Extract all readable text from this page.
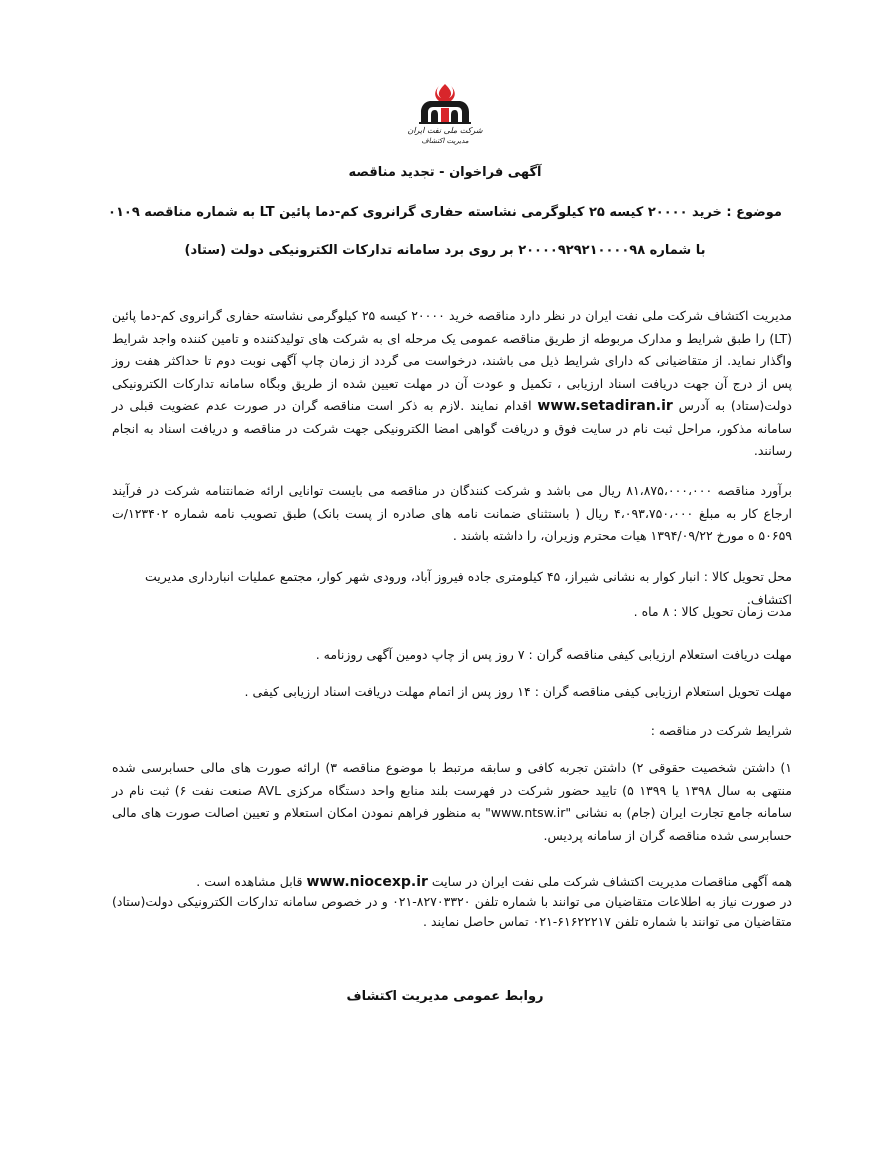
شرکت ملی نفت ایران
مدیریت اکتشاف
آگهی فراخوان - تجدید مناقصه
موضوع : خرید ۲۰۰۰۰ کیسه ۲۵ کیلوگرمی نشاسته حفاری گرانروی کم-دما پائین LT به شماره مناقصه ۰۱۰۹
با شماره ۲۰۰۰۰۹۲۹۲۱۰۰۰۰۹۸ بر روی برد سامانه تدارکات الکترونیکی دولت (ستاد)
مدیریت اکتشاف شرکت ملی نفت ایران در نظر دارد مناقصه خرید ۲۰۰۰۰ کیسه ۲۵ کیلوگرمی نشاسته حفاری گرانروی کم-دما پائین (LT) را طبق شرایط و مدارک مربوطه از طریق مناقصه عمومی یک مرحله ای به شرکت های تولیدکننده و تامین کننده واجد شرایط واگذار نماید. از متقاضیانی که دارای شرایط ذیل می باشند، درخواست می گردد از زمان چاپ آگهی نوبت دوم تا حداکثر هفت روز پس از درج آن جهت دریافت اسناد ارزیابی ، تکمیل و عودت آن در مهلت تعیین شده از طریق وبگاه سامانه تدارکات الکترونیکی دولت(ستاد) به آدرس www.setadiran.ir اقدام نمایند .لازم به ذکر است مناقصه گران در صورت عدم عضویت قبلی در سامانه مذکور، مراحل ثبت نام در سایت فوق و دریافت گواهی امضا الکترونیکی جهت شرکت در مناقصه و دریافت اسناد به انجام رسانند.
برآورد مناقصه ۸۱،۸۷۵،۰۰۰،۰۰۰ ریال می باشد و شرکت کنندگان در مناقصه می بایست توانایی ارائه ضمانتنامه شرکت در فرآیند ارجاع کار به مبلغ ۴،۰۹۳،۷۵۰،۰۰۰ ریال ( باستثنای ضمانت نامه های صادره از پست بانک) طبق تصویب نامه شماره ۱۲۳۴۰۲/ت ۵۰۶۵۹ ه مورخ ۱۳۹۴/۰۹/۲۲ هیات محترم وزیران، را داشته باشند .
محل تحویل کالا : انبار کوار به نشانی شیراز، ۴۵ کیلومتری جاده فیروز آباد، ورودی شهر کوار، مجتمع عملیات انبارداری مدیریت اکتشاف.
مدت زمان تحویل کالا : ۸ ماه .
مهلت دریافت استعلام ارزیابی کیفی مناقصه گران : ۷ روز پس از چاپ دومین آگهی روزنامه .
مهلت تحویل استعلام ارزیابی کیفی مناقصه گران : ۱۴ روز پس از اتمام مهلت دریافت اسناد ارزیابی کیفی .
شرایط شرکت در مناقصه :
۱) داشتن شخصیت حقوقی ۲) داشتن تجربه کافی و سابقه مرتبط با موضوع مناقصه ۳) ارائه صورت های مالی حسابرسی شده منتهی به سال ۱۳۹۸ یا ۱۳۹۹ ۵) تایید حضور شرکت در فهرست بلند منابع واحد دستگاه مرکزی AVL صنعت نفت ۶) ثبت نام در سامانه جامع تجارت ایران (جام) به نشانی "www.ntsw.ir" به منظور فراهم نمودن امکان استعلام و تعیین اصالت صورت های مالی حسابرسی شده مناقصه گران از سامانه پردیس.
همه آگهی مناقصات مدیریت اکتشاف شرکت ملی نفت ایران در سایت www.niocexp.ir قابل مشاهده است .
در صورت نیاز به اطلاعات متقاضیان می توانند با شماره تلفن ۸۲۷۰۳۳۲۰-۰۲۱ و در خصوص سامانه تدارکات الکترونیکی دولت(ستاد) متقاضیان می توانند با شماره تلفن ۶۱۶۲۲۲۱۷-۰۲۱ تماس حاصل نمایند .
روابط عمومی مدیریت اکتشاف
